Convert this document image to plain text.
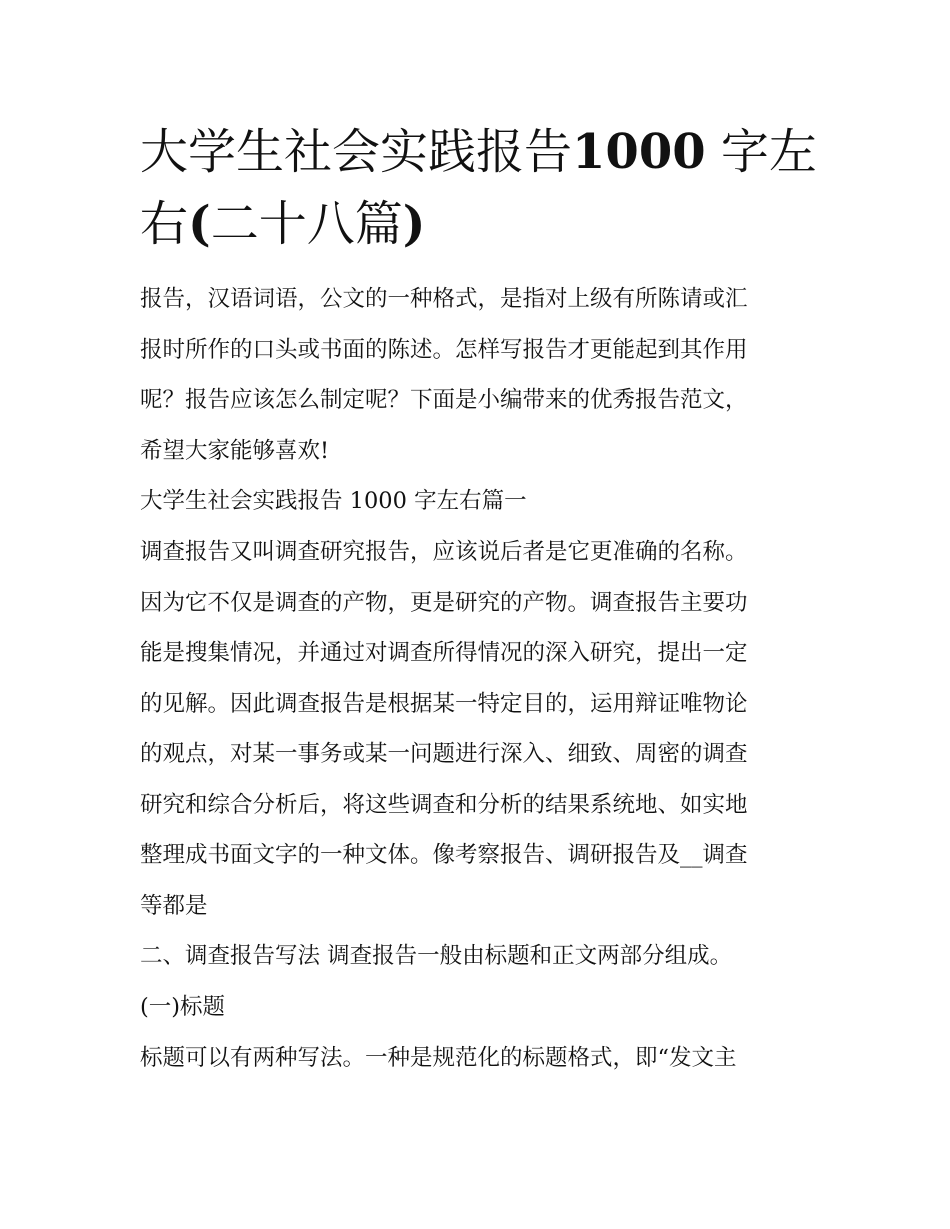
大学生社会实践报告1000 字左
右(二十八篇)

报告，汉语词语，公文的一种格式，是指对上级有所陈请或汇
报时所作的口头或书面的陈述。怎样写报告才更能起到其作用
呢？报告应该怎么制定呢？下面是小编带来的优秀报告范文，
希望大家能够喜欢!

大学生社会实践报告 1000 字左右篇一

调查报告又叫调查研究报告，应该说后者是它更准确的名称。
因为它不仅是调查的产物，更是研究的产物。调查报告主要功
能是搜集情况，并通过对调查所得情况的深入研究，提出一定
的见解。因此调查报告是根据某一特定目的，运用辩证唯物论
的观点，对某一事务或某一问题进行深入、细致、周密的调查
研究和综合分析后，将这些调查和分析的结果系统地、如实地
整理成书面文字的一种文体。像考察报告、调研报告及__调查
等都是

二、调查报告写法 调查报告一般由标题和正文两部分组成。

(一)标题

标题可以有两种写法。一种是规范化的标题格式，即“发文主
